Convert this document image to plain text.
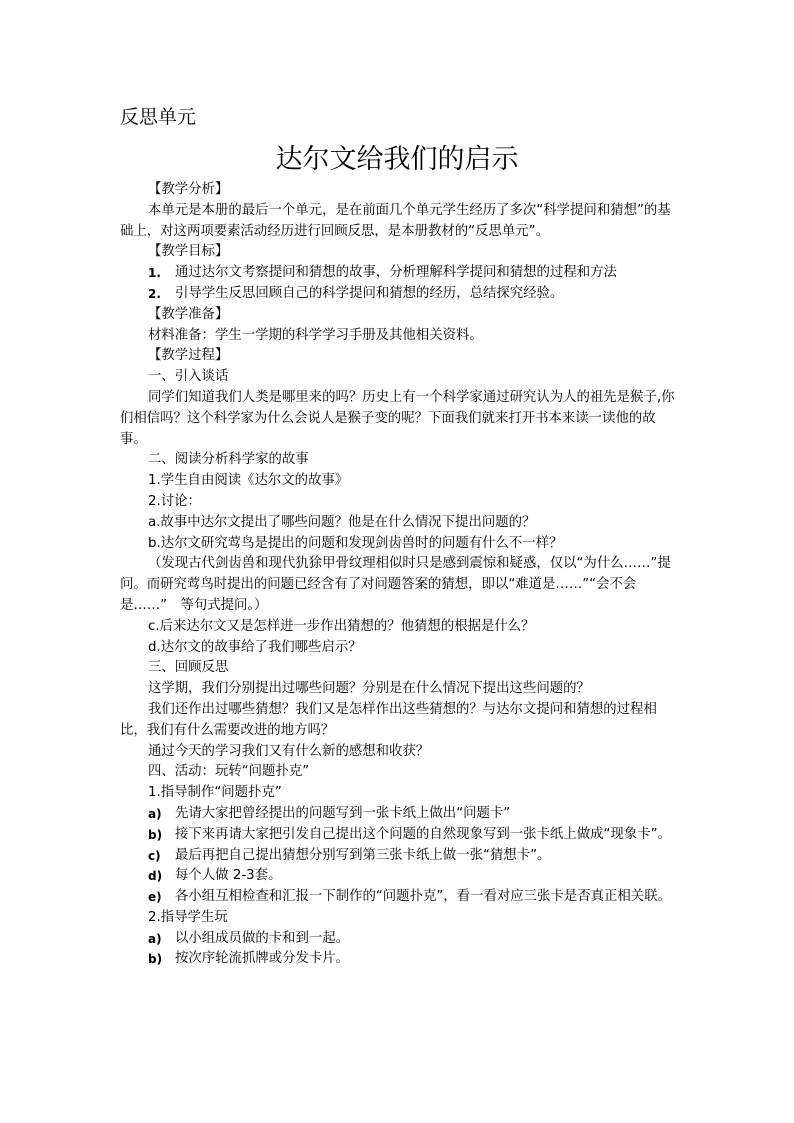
反思单元
达尔文给我们的启示

【教学分析】

本单元是本册的最后一个单元，是在前面几个单元学生经历了多次“科学提问和猜想”的基础上，对这两项要素活动经历进行回顾反思，是本册教材的“反思单元”。

【教学目标】

1.	通过达尔文考察提问和猜想的故事，分析理解科学提问和猜想的过程和方法
2.	引导学生反思回顾自己的科学提问和猜想的经历，总结探究经验。

【教学准备】

材料准备：学生一学期的科学学习手册及其他相关资料。

【教学过程】

一、引入谈话

同学们知道我们人类是哪里来的吗？历史上有一个科学家通过研究认为人的祖先是猴子,你们相信吗？这个科学家为什么会说人是猴子变的呢？下面我们就来打开书本来读一读他的故事。

二、阅读分析科学家的故事

1.学生自由阅读《达尔文的故事》

2.讨论：

a.故事中达尔文提出了哪些问题？他是在什么情况下提出问题的？

b.达尔文研究莺鸟是提出的问题和发现剑齿兽时的问题有什么不一样？

（发现古代剑齿兽和现代犰狳甲骨纹理相似时只是感到震惊和疑惑，仅以“为什么……”提问。而研究莺鸟时提出的问题已经含有了对问题答案的猜想，即以“难道是……”“会不会是……”　等句式提问。）

c.后来达尔文又是怎样进一步作出猜想的？他猜想的根据是什么？

d.达尔文的故事给了我们哪些启示？

三、回顾反思

这学期，我们分别提出过哪些问题？分别是在什么情况下提出这些问题的？

我们还作出过哪些猜想？我们又是怎样作出这些猜想的？与达尔文提问和猜想的过程相比，我们有什么需要改进的地方吗？

通过今天的学习我们又有什么新的感想和收获？

四、活动：玩转“问题扑克”

1.指导制作“问题扑克”

a)	先请大家把曾经提出的问题写到一张卡纸上做出“问题卡”
b) 接下来再请大家把引发自己提出这个问题的自然现象写到一张卡纸上做成“现象卡”。
c)	最后再把自己提出猜想分别写到第三张卡纸上做一张“猜想卡”。
d) 每个人做 2-3套。
e) 各小组互相检查和汇报一下制作的“问题扑克”，看一看对应三张卡是否真正相关联。

2.指导学生玩

a)	以小组成员做的卡和到一起。
b) 按次序轮流抓牌或分发卡片。
